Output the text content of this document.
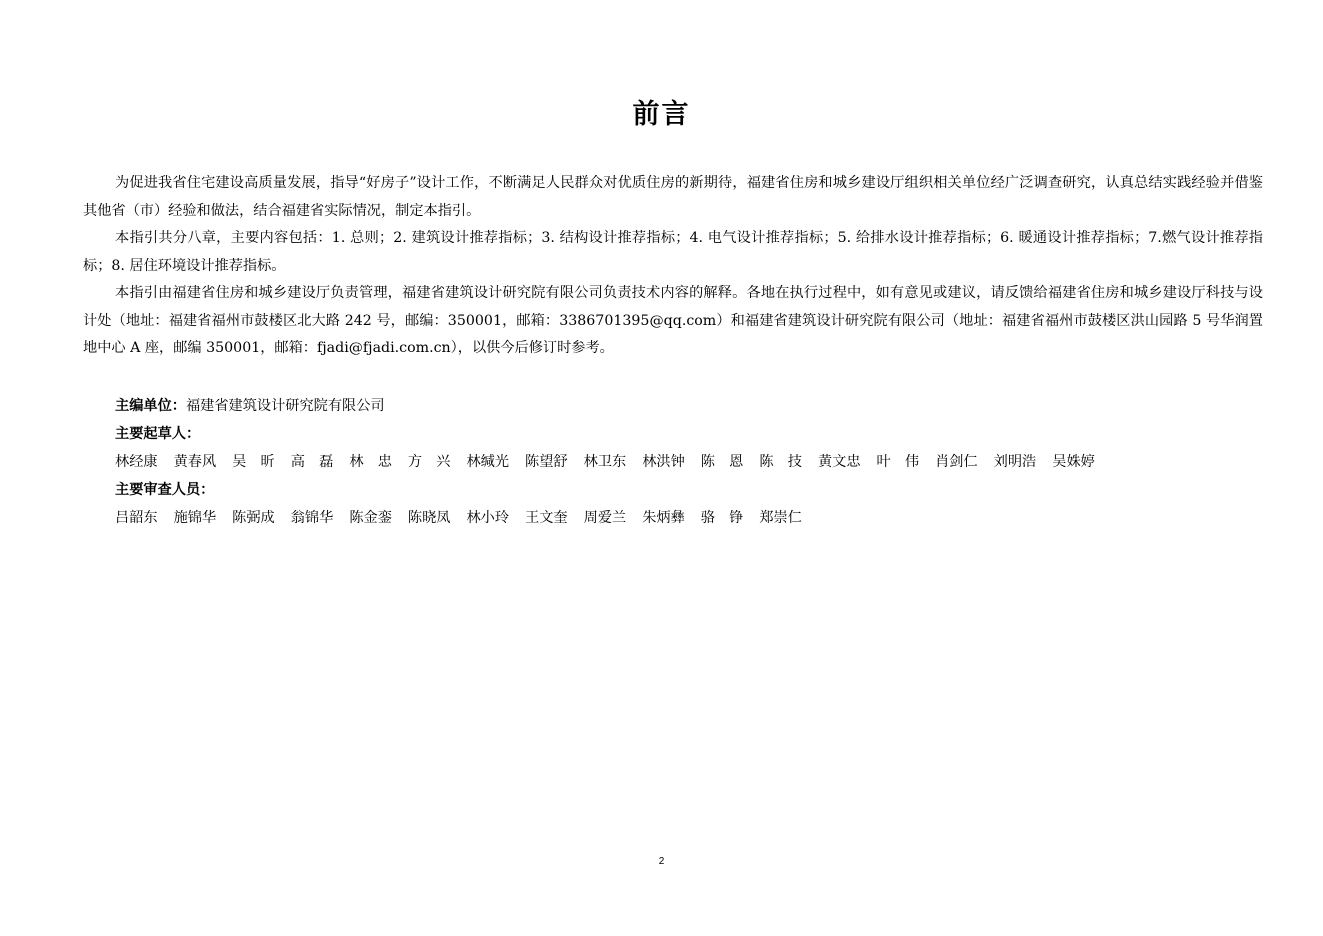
前言

为促进我省住宅建设高质量发展，指导“好房子”设计工作，不断满足人民群众对优质住房的新期待，福建省住房和城乡建设厅组织相关单位经广泛调查研究，认真总结实践经验并借鉴其他省（市）经验和做法，结合福建省实际情况，制定本指引。

本指引共分八章，主要内容包括：1. 总则；2. 建筑设计推荐指标；3. 结构设计推荐指标；4. 电气设计推荐指标；5. 给排水设计推荐指标；6. 暖通设计推荐指标；7.燃气设计推荐指标；8. 居住环境设计推荐指标。

本指引由福建省住房和城乡建设厅负责管理，福建省建筑设计研究院有限公司负责技术内容的解释。各地在执行过程中，如有意见或建议，请反馈给福建省住房和城乡建设厅科技与设计处（地址：福建省福州市鼓楼区北大路 242 号，邮编：350001，邮箱：3386701395@qq.com）和福建省建筑设计研究院有限公司（地址：福建省福州市鼓楼区洪山园路 5 号华润置地中心 A 座，邮编 350001，邮箱：fjadi@fjadi.com.cn），以供今后修订时参考。

主编单位：福建省建筑设计研究院有限公司
主要起草人：
林经康 黄春风 吴　昕 高　磊 林　忠 方　兴 林缄光 陈望舒 林卫东 林洪钟 陈　恩 陈　技 黄文忠 叶　伟 肖剑仁 刘明浩 吴姝婷
主要审查人员：
吕韶东 施锦华 陈弼成 翁锦华 陈金銮 陈晓凤 林小玲 王文奎 周爱兰 朱炳彝 骆　铮 郑崇仁
2
